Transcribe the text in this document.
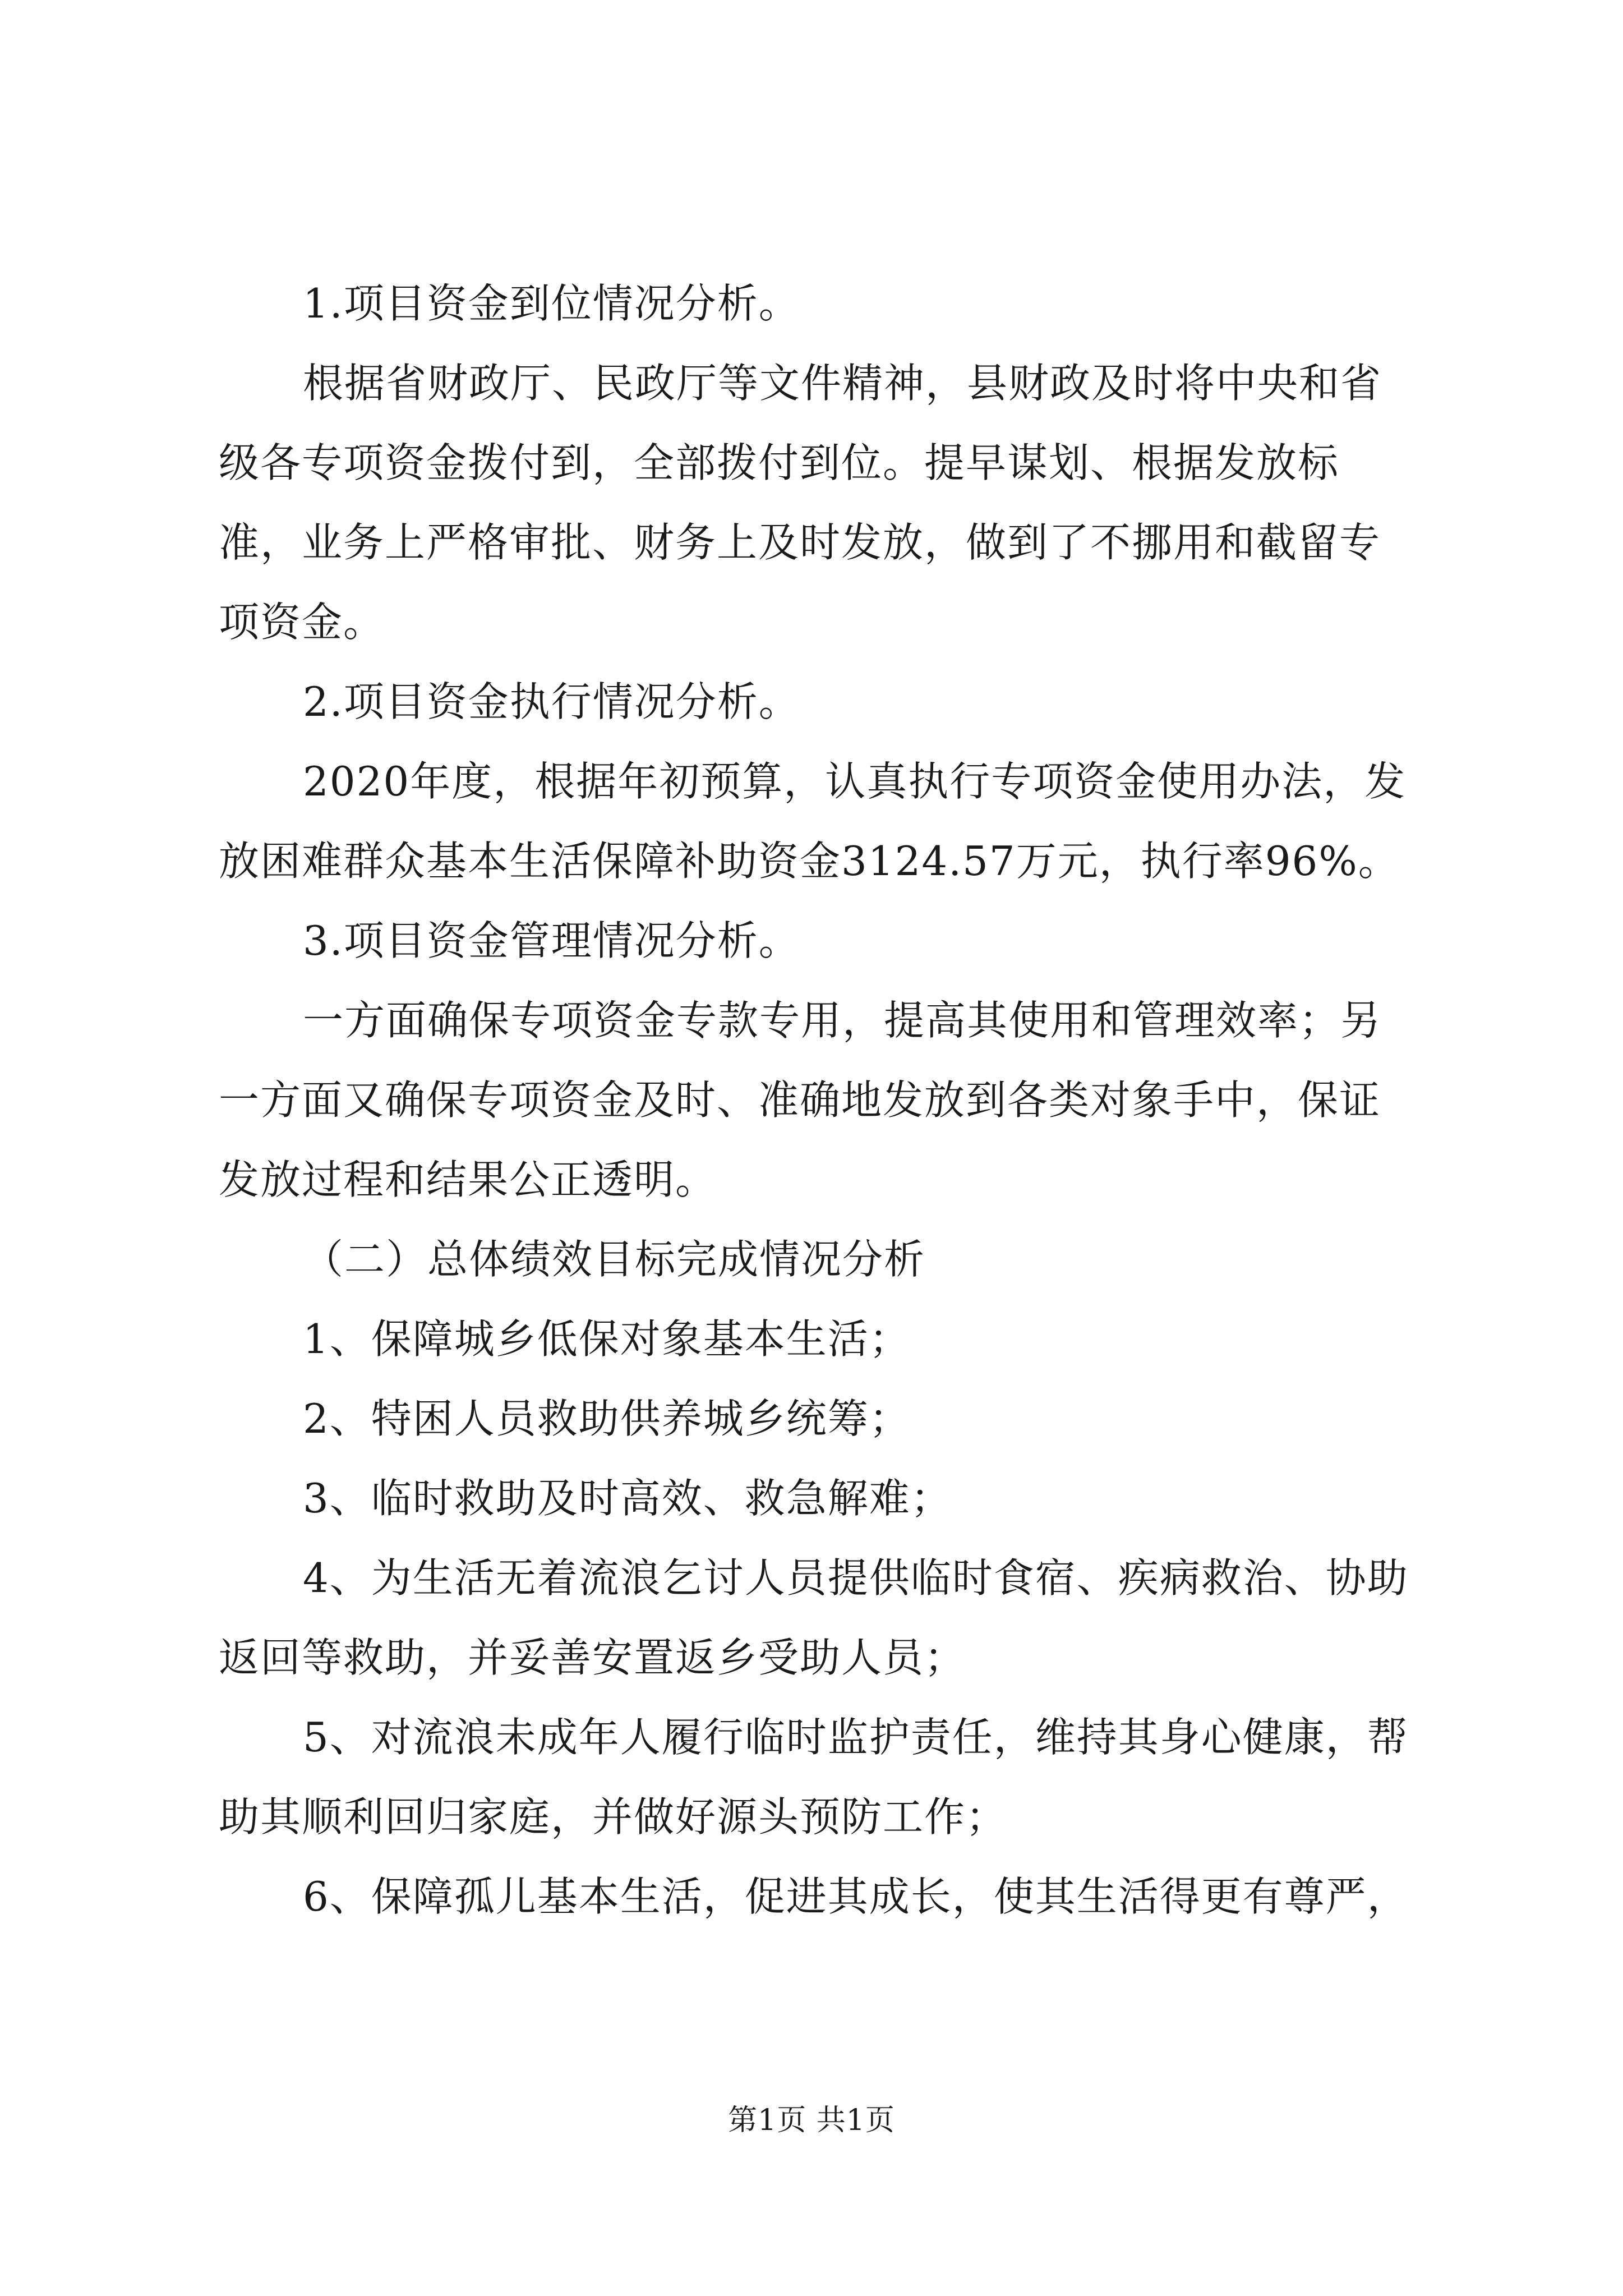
1.项目资金到位情况分析。

根据省财政厅、民政厅等文件精神，县财政及时将中央和省级各专项资金拨付到，全部拨付到位。提早谋划、根据发放标准，业务上严格审批、财务上及时发放，做到了不挪用和截留专项资金。

2.项目资金执行情况分析。

2020年度，根据年初预算，认真执行专项资金使用办法，发放困难群众基本生活保障补助资金3124.57万元，执行率96%。

3.项目资金管理情况分析。

一方面确保专项资金专款专用，提高其使用和管理效率；另一方面又确保专项资金及时、准确地发放到各类对象手中，保证发放过程和结果公正透明。

（二）总体绩效目标完成情况分析

1、保障城乡低保对象基本生活；

2、特困人员救助供养城乡统筹；

3、临时救助及时高效、救急解难；

4、为生活无着流浪乞讨人员提供临时食宿、疾病救治、协助返回等救助，并妥善安置返乡受助人员；

5、对流浪未成年人履行临时监护责任，维持其身心健康，帮助其顺利回归家庭，并做好源头预防工作；

6、保障孤儿基本生活，促进其成长，使其生活得更有尊严，

第1页 共1页
